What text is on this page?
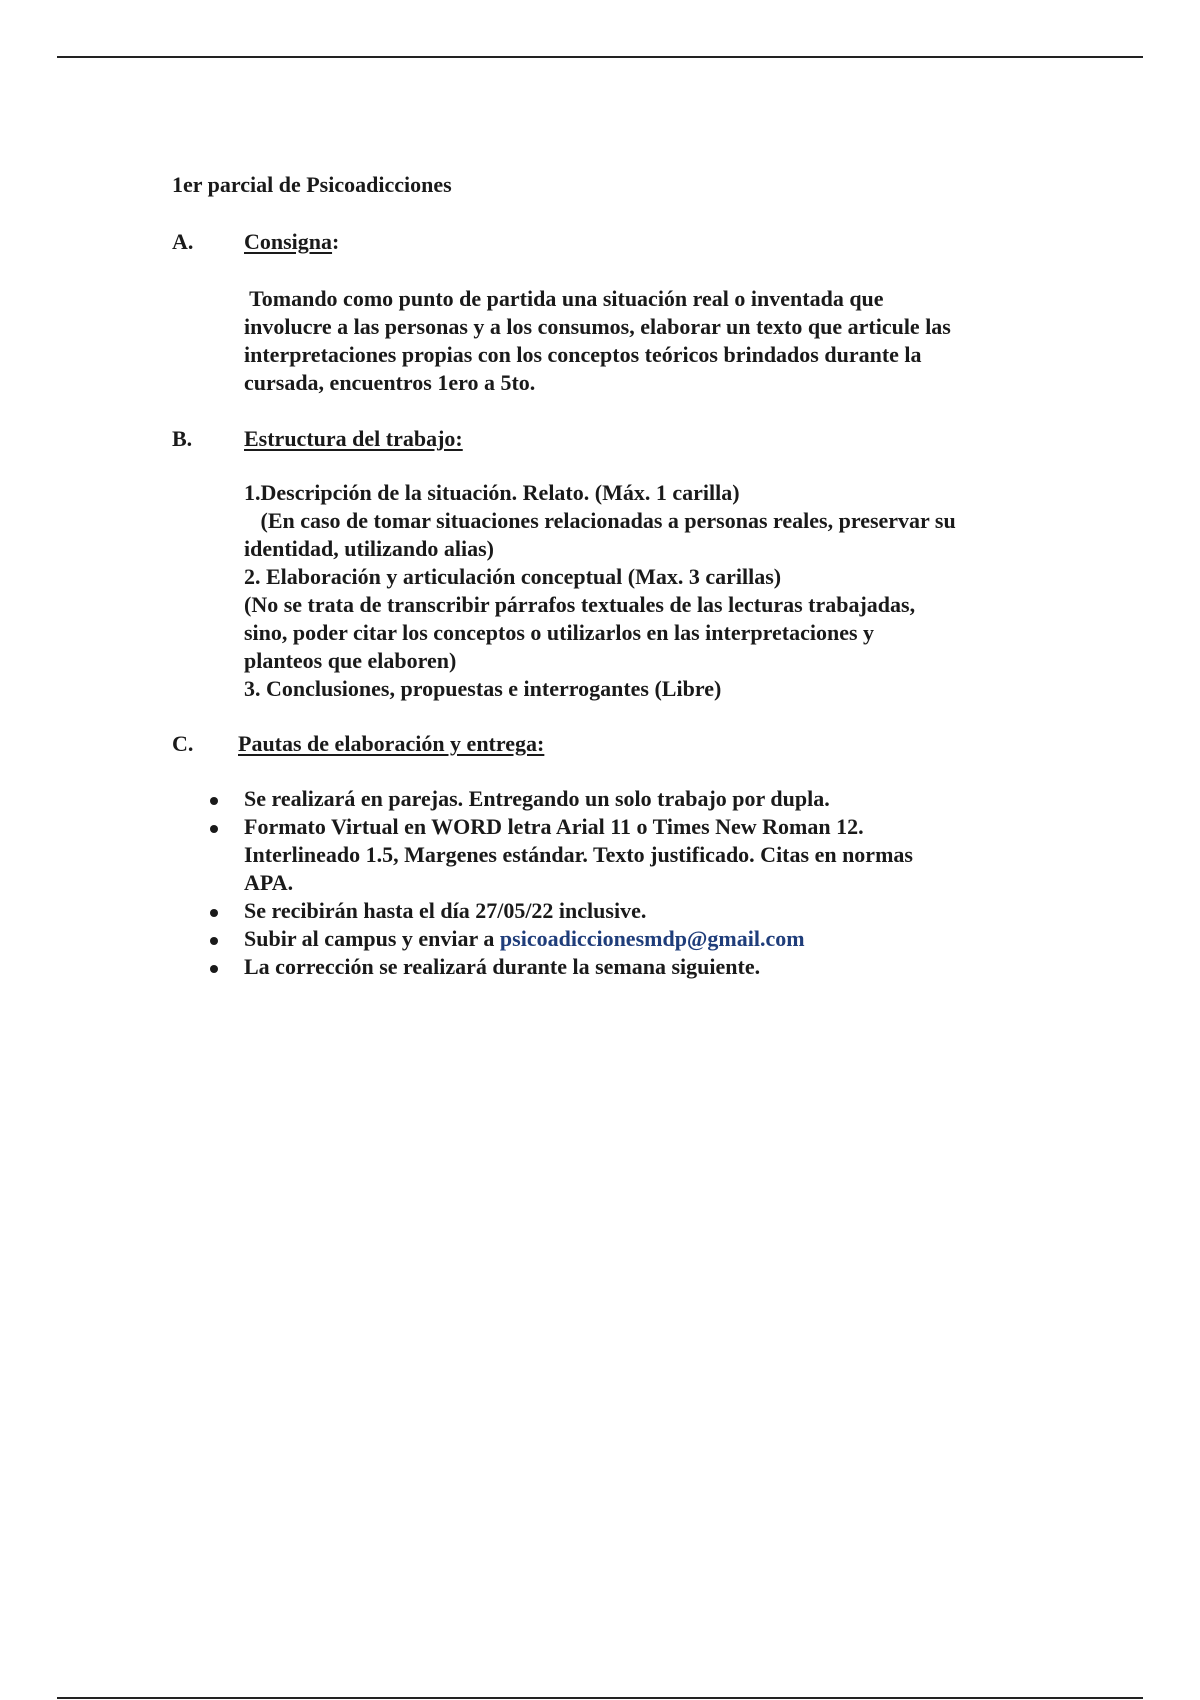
1er parcial de Psicoadicciones
A. Consigna:
Tomando como punto de partida una situación real o inventada que
involucre a las personas y a los consumos, elaborar un texto que articule las
interpretaciones propias con los conceptos teóricos brindados durante la
cursada, encuentros 1ero a 5to.
B. Estructura del trabajo:
1.Descripción de la situación. Relato. (Máx. 1 carilla)
(En caso de tomar situaciones relacionadas a personas reales, preservar su
identidad, utilizando alias)
2. Elaboración y articulación conceptual (Max. 3 carillas)
(No se trata de transcribir párrafos textuales de las lecturas trabajadas,
sino, poder citar los conceptos o utilizarlos en las interpretaciones y
planteos que elaboren)
3. Conclusiones, propuestas e interrogantes (Libre)
C. Pautas de elaboración y entrega:
Se realizará en parejas. Entregando un solo trabajo por dupla.
Formato Virtual en WORD letra Arial 11 o Times New Roman 12.
Interlineado 1.5, Margenes estándar. Texto justificado. Citas en normas
APA.
Se recibirán hasta el día 27/05/22 inclusive.
Subir al campus y enviar a psicoadiccionesmdp@gmail.com
La corrección se realizará durante la semana siguiente.
